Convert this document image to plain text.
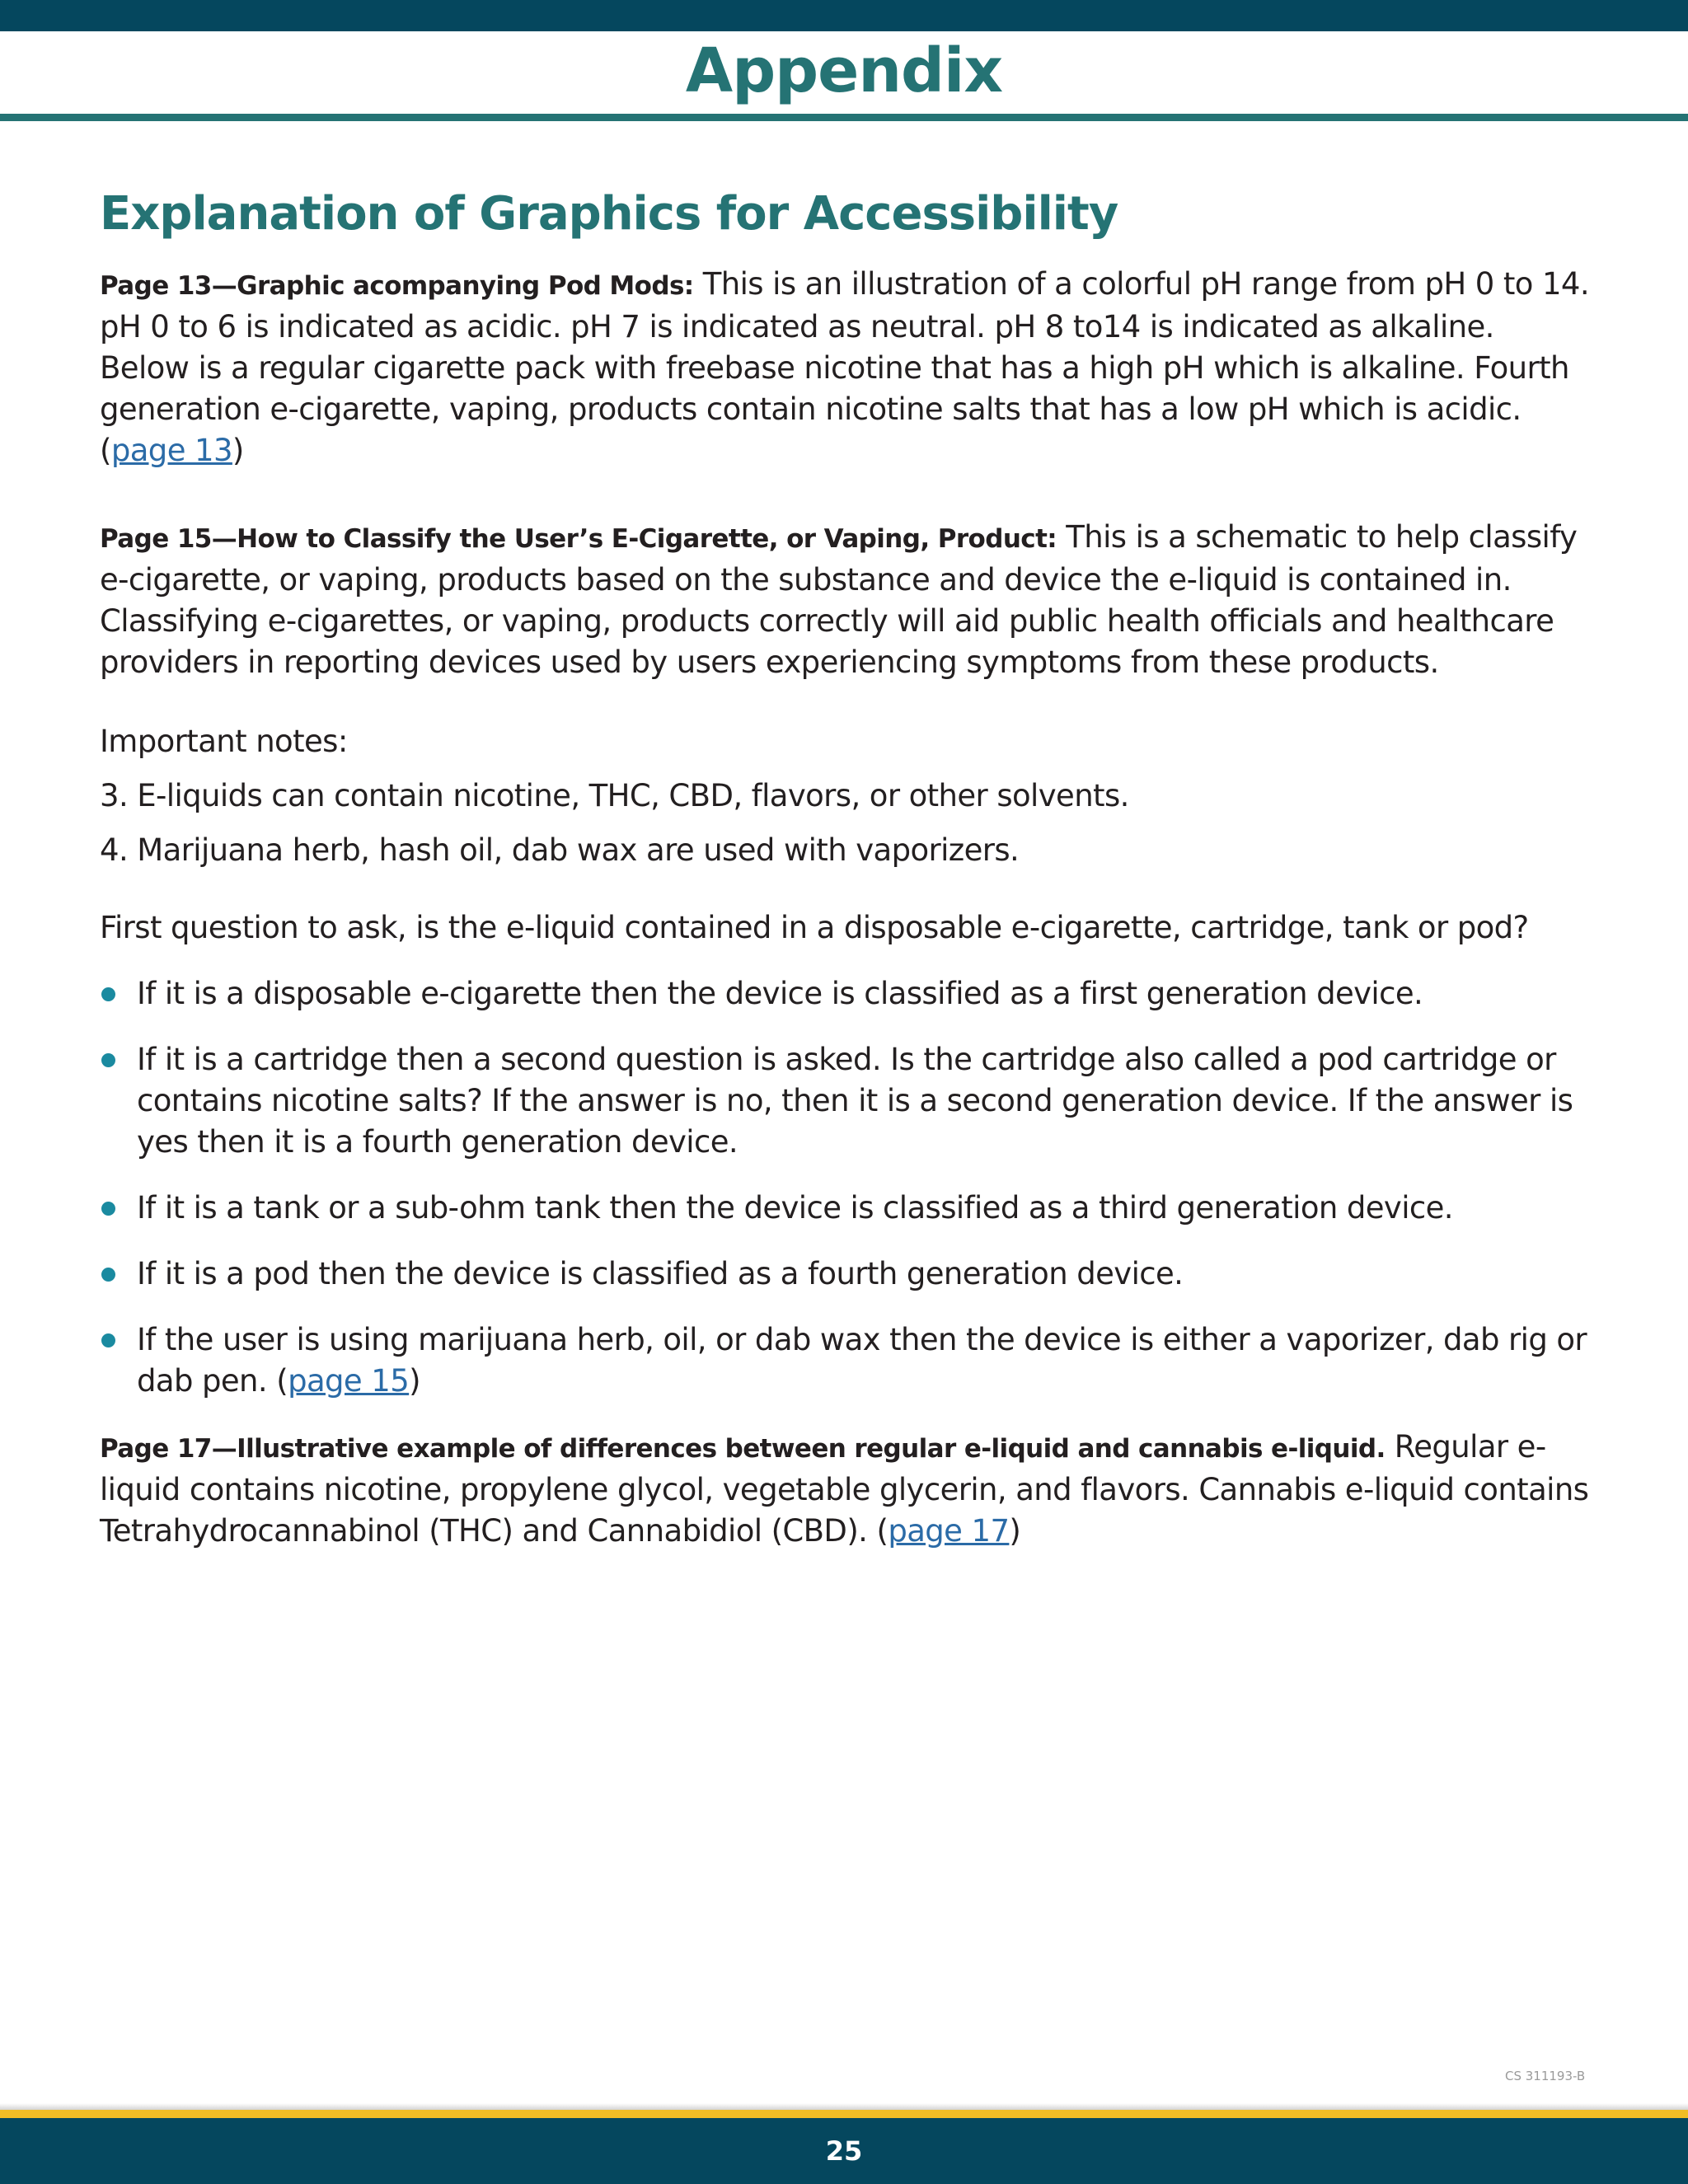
Appendix
Explanation of Graphics for Accessibility

Page 13—Graphic acompanying Pod Mods: This is an illustration of a colorful pH range from pH 0 to 14. pH 0 to 6 is indicated as acidic. pH 7 is indicated as neutral. pH 8 to14 is indicated as alkaline. Below is a regular cigarette pack with freebase nicotine that has a high pH which is alkaline. Fourth generation e-cigarette, vaping, products contain nicotine salts that has a low pH which is acidic. (page 13)

Page 15—How to Classify the User’s E-Cigarette, or Vaping, Product: This is a schematic to help classify e-cigarette, or vaping, products based on the substance and device the e-liquid is contained in. Classifying e-cigarettes, or vaping, products correctly will aid public health officials and healthcare providers in reporting devices used by users experiencing symptoms from these products.

Important notes:

3. E-liquids can contain nicotine, THC, CBD, flavors, or other solvents.

4. Marijuana herb, hash oil, dab wax are used with vaporizers.

First question to ask, is the e-liquid contained in a disposable e-cigarette, cartridge, tank or pod?

If it is a disposable e-cigarette then the device is classified as a first generation device.
If it is a cartridge then a second question is asked. Is the cartridge also called a pod cartridge or contains nicotine salts? If the answer is no, then it is a second generation device. If the answer is yes then it is a fourth generation device.
If it is a tank or a sub-ohm tank then the device is classified as a third generation device.
If it is a pod then the device is classified as a fourth generation device.
If the user is using marijuana herb, oil, or dab wax then the device is either a vaporizer, dab rig or dab pen. (page 15)

Page 17—Illustrative example of differences between regular e-liquid and cannabis e-liquid. Regular e-liquid contains nicotine, propylene glycol, vegetable glycerin, and flavors. Cannabis e-liquid contains Tetrahydrocannabinol (THC) and Cannabidiol (CBD). (page 17)

CS 311193-B
25
